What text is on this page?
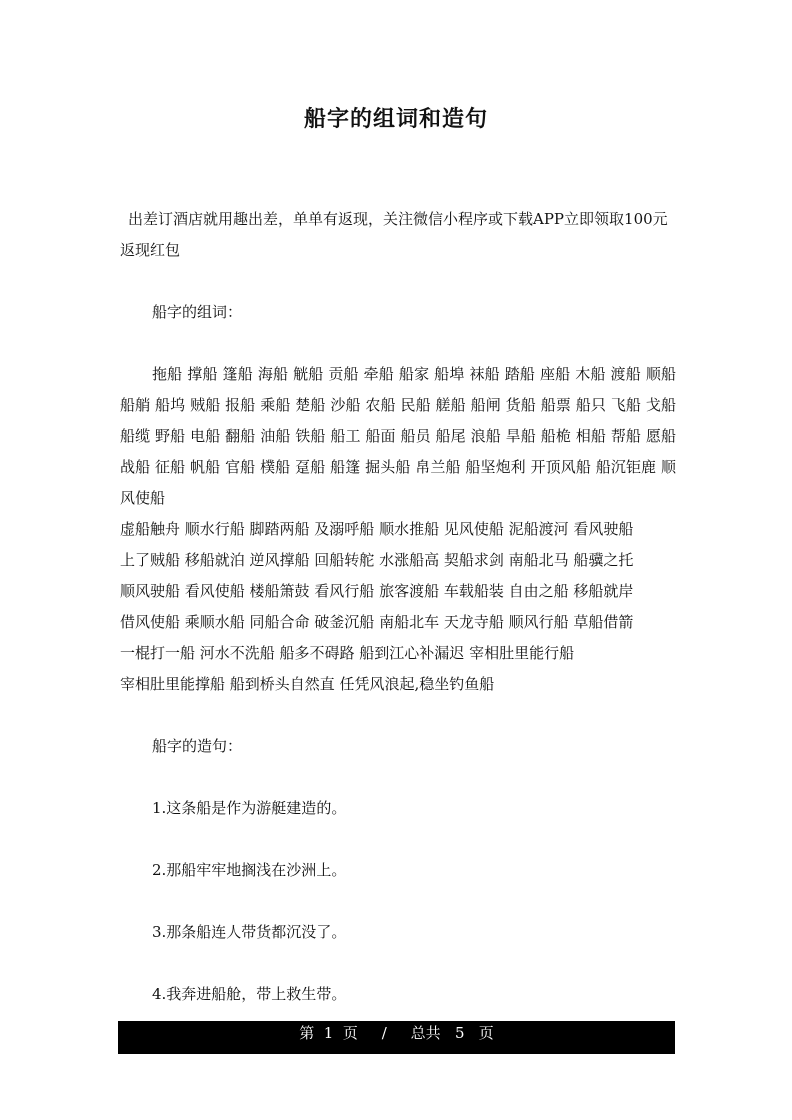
船字的组词和造句

出差订酒店就用趣出差，单单有返现，关注微信小程序或下载APP立即领取100元返现红包

船字的组词：

拖船 撑船 篷船 海船 觥船 贡船 牵船 船家 船埠 袜船 踏船 座船 木船 渡船 顺船 船艄 船坞 贼船 报船 乘船 楚船 沙船 农船 民船 艖船 船闸 货船 船票 船只 飞船 戈船 船缆 野船 电船 翻船 油船 铁船 船工 船面 船员 船尾 浪船 旱船 船桅 相船 帮船 愿船 战船 征船 帆船 官船 樸船 趸船 船篷 掘头船 帛兰船 船坚炮利 开顶风船 船沉钜鹿 顺风使船

虚船触舟 顺水行船 脚踏两船 及溺呼船 顺水推船 见风使船 泥船渡河 看风驶船

上了贼船 移船就泊 逆风撑船 回船转舵 水涨船高 契船求剑 南船北马 船骥之托

顺风驶船 看风使船 楼船箫鼓 看风行船 旅客渡船 车载船装 自由之船 移船就岸

借风使船 乘顺水船 同船合命 破釜沉船 南船北车 天龙寺船 顺风行船 草船借箭

一棍打一船 河水不洗船 船多不碍路 船到江心补漏迟 宰相肚里能行船

宰相肚里能撑船 船到桥头自然直 任凭风浪起,稳坐钓鱼船

船字的造句：

1.这条船是作为游艇建造的。

2.那船牢牢地搁浅在沙洲上。

3.那条船连人带货都沉没了。

4.我奔进船舱，带上救生带。

第
1
页
/
总共
5
页
